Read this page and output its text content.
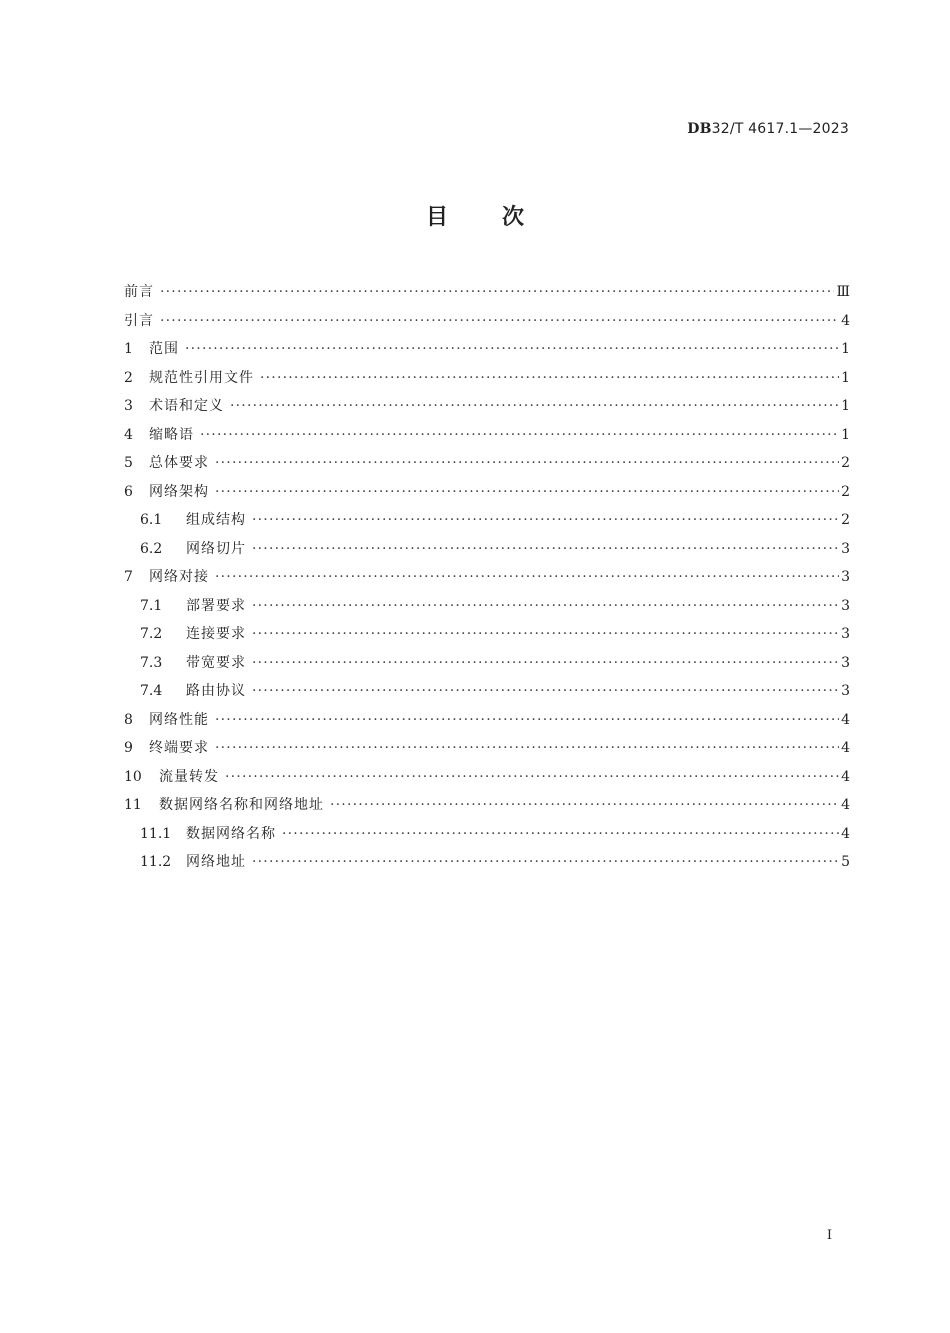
DB32/T 4617.1—2023
目次
前言 ·····	Ⅲ
引言 ·····	4
1	范围 ·····	1
2	规范性引用文件 ·····	1
3	术语和定义 ·····	1
4	缩略语 ·····	1
5	总体要求 ·····	2
6	网络架构 ·····	2
6.1	组成结构 ·····	2
6.2	网络切片 ·····	3
7	网络对接 ·····	3
7.1	部署要求 ·····	3
7.2	连接要求 ·····	3
7.3	带宽要求 ·····	3
7.4	路由协议 ·····	3
8	网络性能 ·····	4
9	终端要求 ·····	4
10	流量转发 ·····	4
11	数据网络名称和网络地址 ·····	4
11.1	数据网络名称 ·····	4
11.2	网络地址 ·····	5
I
